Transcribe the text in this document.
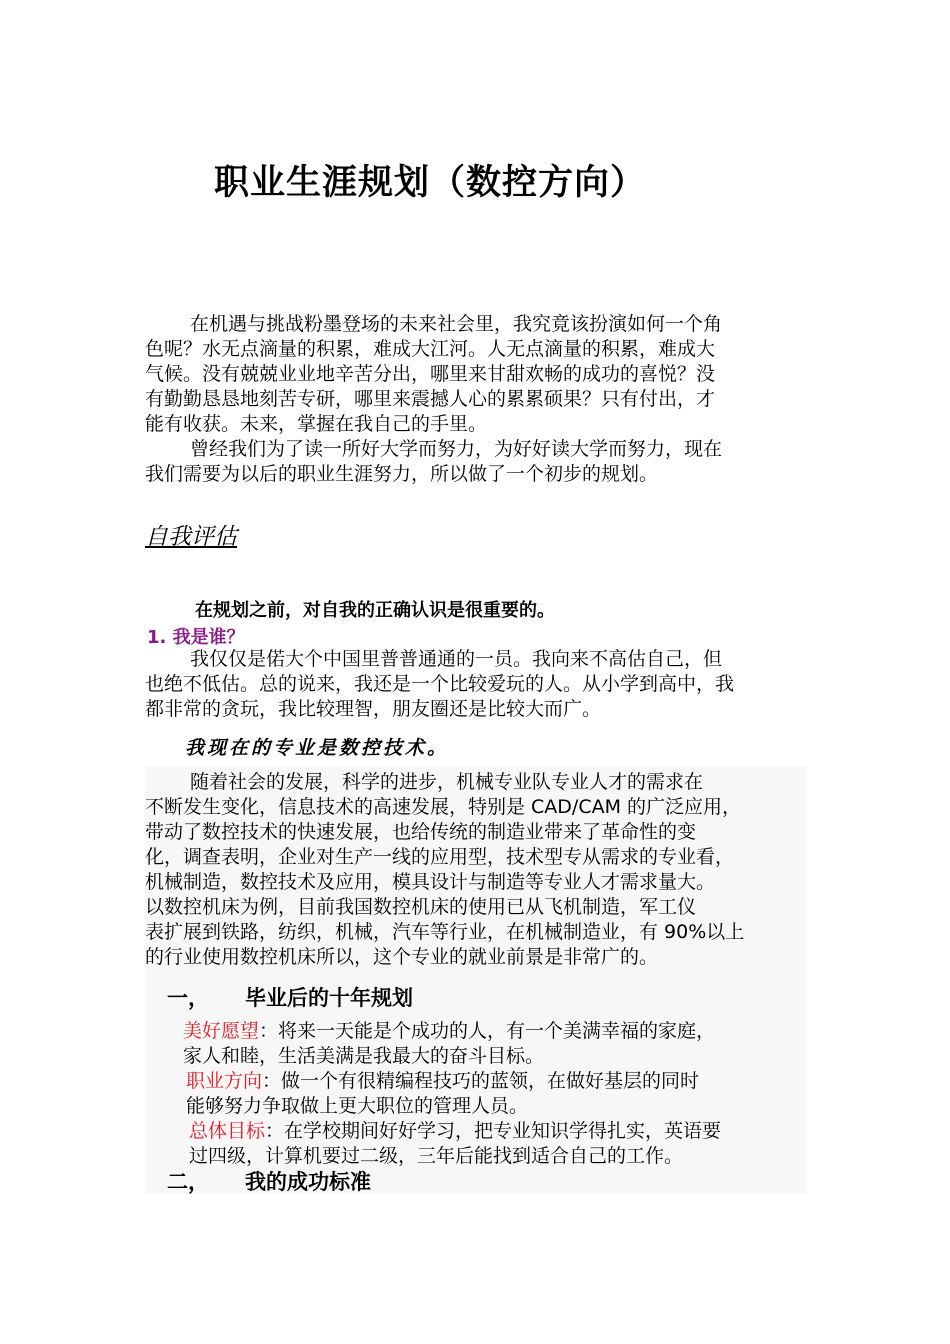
职业生涯规划（数控方向）
在机遇与挑战粉墨登场的未来社会里，我究竟该扮演如何一个角
色呢？水无点滴量的积累，难成大江河。人无点滴量的积累，难成大
气候。没有兢兢业业地辛苦分出，哪里来甘甜欢畅的成功的喜悦？没
有勤勤恳恳地刻苦专研，哪里来震撼人心的累累硕果？只有付出，才
能有收获。未来，掌握在我自己的手里。
曾经我们为了读一所好大学而努力，为好好读大学而努力，现在
我们需要为以后的职业生涯努力，所以做了一个初步的规划。
自我评估
在规划之前，对自我的正确认识是很重要的。
1. 我是谁？
我仅仅是偌大个中国里普普通通的一员。我向来不高估自己，但
也绝不低估。总的说来，我还是一个比较爱玩的人。从小学到高中，我
都非常的贪玩，我比较理智，朋友圈还是比较大而广。
我现在的专业是数控技术。
随着社会的发展，科学的进步，机械专业队专业人才的需求在
不断发生变化，信息技术的高速发展，特别是 CAD/CAM 的广泛应用，
带动了数控技术的快速发展，也给传统的制造业带来了革命性的变
化，调查表明，企业对生产一线的应用型，技术型专从需求的专业看，
机械制造，数控技术及应用，模具设计与制造等专业人才需求量大。
以数控机床为例，目前我国数控机床的使用已从飞机制造，军工仪
表扩展到铁路，纺织，机械，汽车等行业，在机械制造业，有 90%以上
的行业使用数控机床所以，这个专业的就业前景是非常广的。
一， 毕业后的十年规划
美好愿望：将来一天能是个成功的人，有一个美满幸福的家庭，
家人和睦，生活美满是我最大的奋斗目标。
职业方向：做一个有很精编程技巧的蓝领，在做好基层的同时
能够努力争取做上更大职位的管理人员。
总体目标：在学校期间好好学习，把专业知识学得扎实，英语要
过四级，计算机要过二级，三年后能找到适合自己的工作。
二， 我的成功标准
